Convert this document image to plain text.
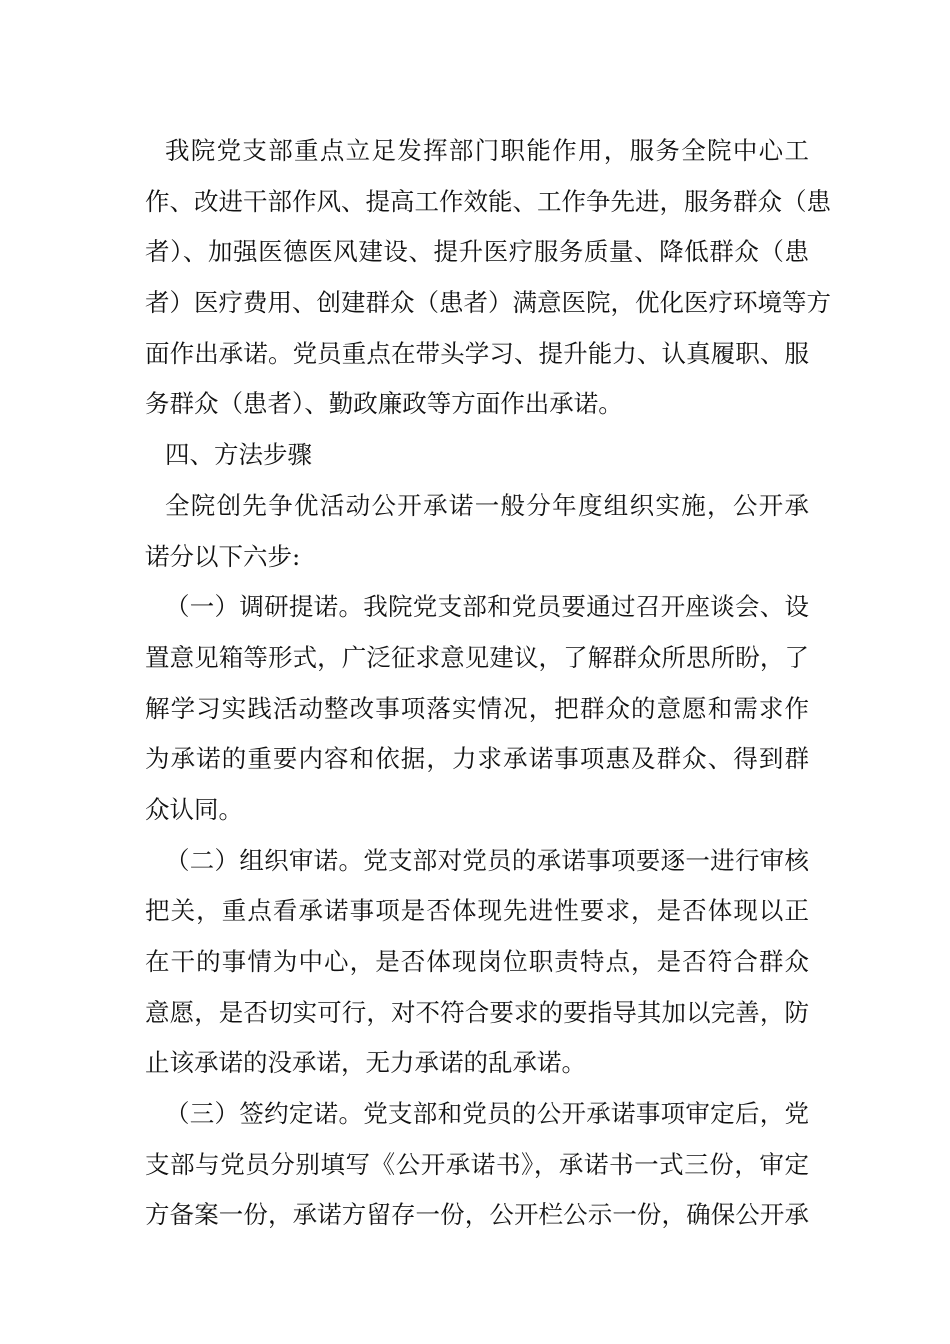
我院党支部重点立足发挥部门职能作用，服务全院中心工
作、改进干部作风、提高工作效能、工作争先进，服务群众（患
者）、加强医德医风建设、提升医疗服务质量、降低群众（患
者）医疗费用、创建群众（患者）满意医院，优化医疗环境等方
面作出承诺。党员重点在带头学习、提升能力、认真履职、服
务群众（患者）、勤政廉政等方面作出承诺。
四、方法步骤
全院创先争优活动公开承诺一般分年度组织实施，公开承
诺分以下六步:
（一）调研提诺。我院党支部和党员要通过召开座谈会、设
置意见箱等形式，广泛征求意见建议，了解群众所思所盼，了
解学习实践活动整改事项落实情况，把群众的意愿和需求作
为承诺的重要内容和依据，力求承诺事项惠及群众、得到群
众认同。
（二）组织审诺。党支部对党员的承诺事项要逐一进行审核
把关，重点看承诺事项是否体现先进性要求，是否体现以正
在干的事情为中心，是否体现岗位职责特点，是否符合群众
意愿，是否切实可行，对不符合要求的要指导其加以完善，防
止该承诺的没承诺，无力承诺的乱承诺。
（三）签约定诺。党支部和党员的公开承诺事项审定后，党
支部与党员分别填写《公开承诺书》，承诺书一式三份，审定
方备案一份，承诺方留存一份，公开栏公示一份，确保公开承
